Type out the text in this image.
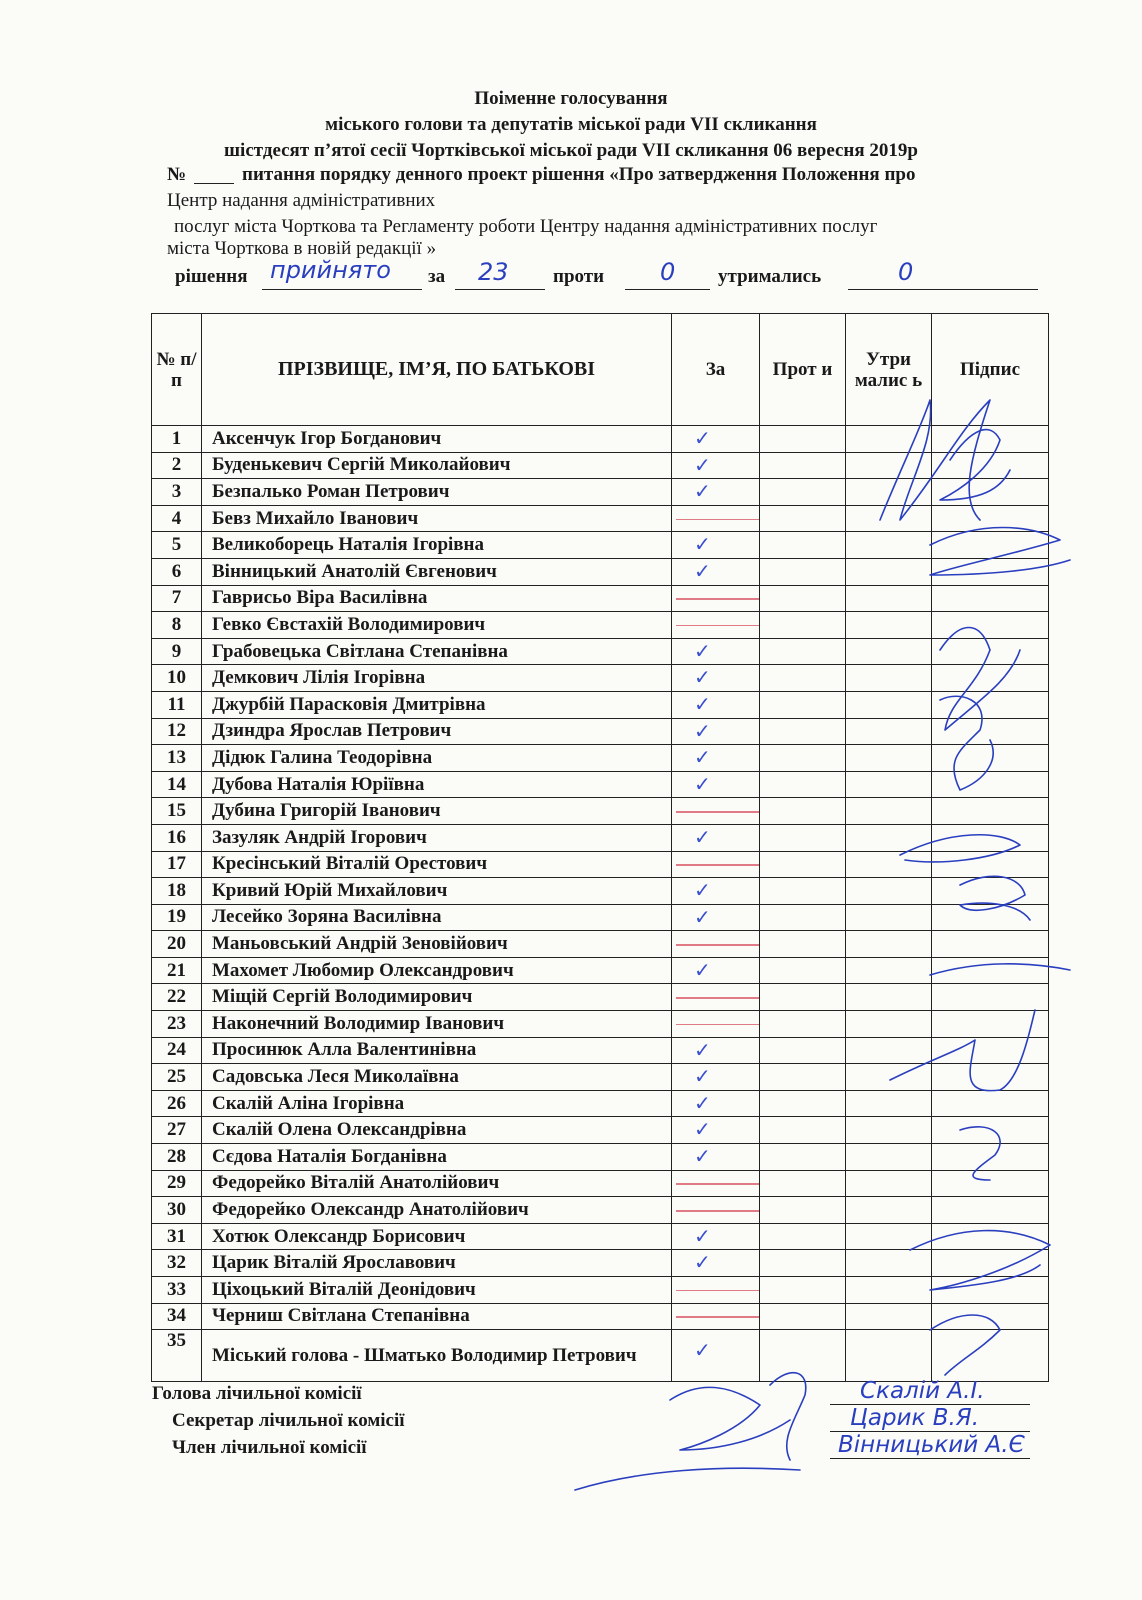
Поіменне голосування
міського голови та депутатів міської ради VII скликання
шістдесят п’ятої сесії Чортківської міської ради VII скликання 06 вересня 2019р
№	питання порядку денного проект рішення «Про затвердження Положення про
Центр надання адміністративних
послуг міста Чорткова та Регламенту роботи Центру надання адміністративних послуг
міста Чорткова в новій редакції »
рішення прийнято за 23 проти 0 утримались	0
№ п/п	ПРІЗВИЩЕ, ІМ’Я, ПО БАТЬКОВІ	За	Прот и	Утри малис ь	Підпис
1	Аксенчук Ігор Богданович	✓			

2	Буденькевич Сергій Миколайович	✓			

3	Безпалько Роман Петрович	✓			

4	Бевз Михайло Іванович	

5	Великоборець Наталія Ігорівна	✓			

6	Вінницький Анатолій Євгенович	✓			

7	Гаврисьо Віра Василівна	

8	Гевко Євстахій Володимирович	

9	Грабовецька Світлана Степанівна	✓			

10	Демкович Лілія Ігорівна	✓			

11	Джурбій Парасковія Дмитрівна	✓			

12	Дзиндра Ярослав Петрович	✓			

13	Дідюк Галина Теодорівна	✓			

14	Дубова Наталія Юріївна	✓			

15	Дубина Григорій Іванович	

16	Зазуляк Андрій Ігорович	✓			

17	Кресінський Віталій Орестович	

18	Кривий Юрій Михайлович	✓			

19	Лесейко Зоряна Василівна	✓			

20	Маньовський Андрій Зеновійович	

21	Махомет Любомир Олександрович	✓			

22	Міщій Сергій Володимирович	

23	Наконечний Володимир Іванович	

24	Просинюк Алла Валентинівна	✓			

25	Садовська Леся Миколаївна	✓			

26	Скалій Аліна Ігорівна	✓			

27	Скалій Олена Олександрівна	✓			

28	Сєдова Наталія Богданівна	✓			

29	Федорейко Віталій Анатолійович	

30	Федорейко Олександр Анатолійович	

31	Хотюк Олександр Борисович	✓			

32	Царик Віталій Ярославович	✓			

33	Ціхоцький Віталій Деонідович	

34	Черниш Світлана Степанівна	

35	Міський голова - Шматько Володимир Петрович	✓			

Голова лічильної комісії
Секретар лічильної комісії
Член лічильної комісії
Скалій А.І.
Царик В.Я.
Вінницький А.Є
